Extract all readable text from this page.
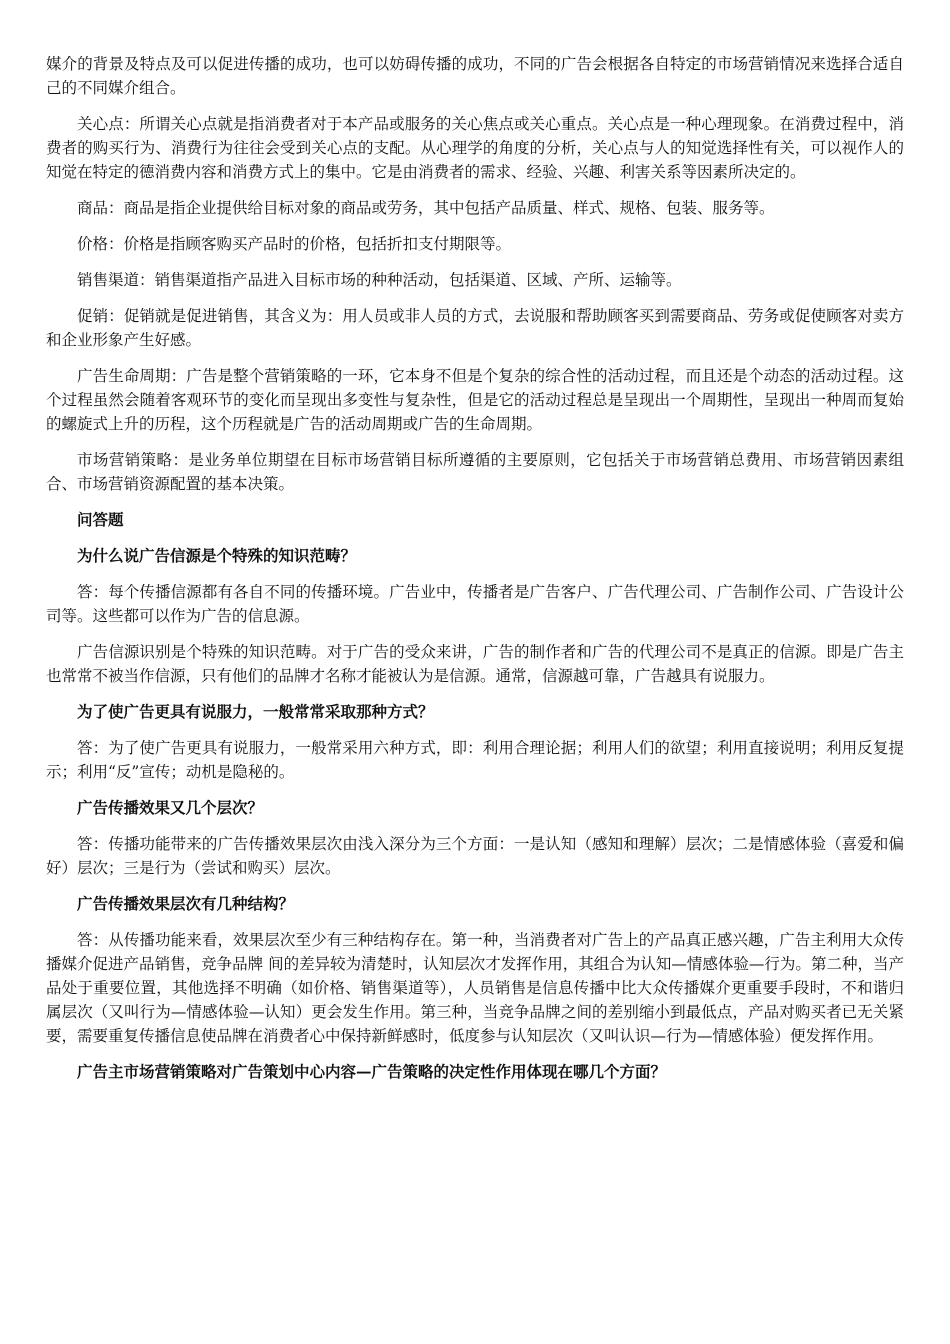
媒介的背景及特点及可以促进传播的成功，也可以妨碍传播的成功，不同的广告会根据各自特定的市场营销情况来选择合适自己的不同媒介组合。

关心点：所谓关心点就是指消费者对于本产品或服务的关心焦点或关心重点。关心点是一种心理现象。在消费过程中，消费者的购买行为、消费行为往往会受到关心点的支配。从心理学的角度的分析，关心点与人的知觉选择性有关，可以视作人的知觉在特定的德消费内容和消费方式上的集中。它是由消费者的需求、经验、兴趣、利害关系等因素所决定的。

商品：商品是指企业提供给目标对象的商品或劳务，其中包括产品质量、样式、规格、包装、服务等。

价格：价格是指顾客购买产品时的价格，包括折扣支付期限等。

销售渠道：销售渠道指产品进入目标市场的种种活动，包括渠道、区域、产所、运输等。

促销：促销就是促进销售，其含义为：用人员或非人员的方式，去说服和帮助顾客买到需要商品、劳务或促使顾客对卖方和企业形象产生好感。

广告生命周期：广告是整个营销策略的一环，它本身不但是个复杂的综合性的活动过程，而且还是个动态的活动过程。这个过程虽然会随着客观环节的变化而呈现出多变性与复杂性，但是它的活动过程总是呈现出一个周期性，呈现出一种周而复始的螺旋式上升的历程，这个历程就是广告的活动周期或广告的生命周期。

市场营销策略：是业务单位期望在目标市场营销目标所遵循的主要原则，它包括关于市场营销总费用、市场营销因素组合、市场营销资源配置的基本决策。

问答题

为什么说广告信源是个特殊的知识范畴？

答：每个传播信源都有各自不同的传播环境。广告业中，传播者是广告客户、广告代理公司、广告制作公司、广告设计公司等。这些都可以作为广告的信息源。

广告信源识别是个特殊的知识范畴。对于广告的受众来讲，广告的制作者和广告的代理公司不是真正的信源。即是广告主也常常不被当作信源，只有他们的品牌才名称才能被认为是信源。通常，信源越可靠，广告越具有说服力。

为了使广告更具有说服力，一般常常采取那种方式？

答：为了使广告更具有说服力，一般常采用六种方式，即：利用合理论据；利用人们的欲望；利用直接说明；利用反复提示；利用“反”宣传；动机是隐秘的。

广告传播效果又几个层次？

答：传播功能带来的广告传播效果层次由浅入深分为三个方面：一是认知（感知和理解）层次；二是情感体验（喜爱和偏好）层次；三是行为（尝试和购买）层次。

广告传播效果层次有几种结构？

答：从传播功能来看，效果层次至少有三种结构存在。第一种，当消费者对广告上的产品真正感兴趣，广告主利用大众传播媒介促进产品销售，竞争品牌 间的差异较为清楚时，认知层次才发挥作用，其组合为认知—情感体验—行为。第二种，当产品处于重要位置，其他选择不明确（如价格、销售渠道等），人员销售是信息传播中比大众传播媒介更重要手段时，不和谐归属层次（又叫行为—情感体验—认知）更会发生作用。第三种，当竞争品牌之间的差别缩小到最低点，产品对购买者已无关紧要，需要重复传播信息使品牌在消费者心中保持新鲜感时，低度参与认知层次（又叫认识—行为—情感体验）便发挥作用。

广告主市场营销策略对广告策划中心内容—广告策略的决定性作用体现在哪几个方面？
